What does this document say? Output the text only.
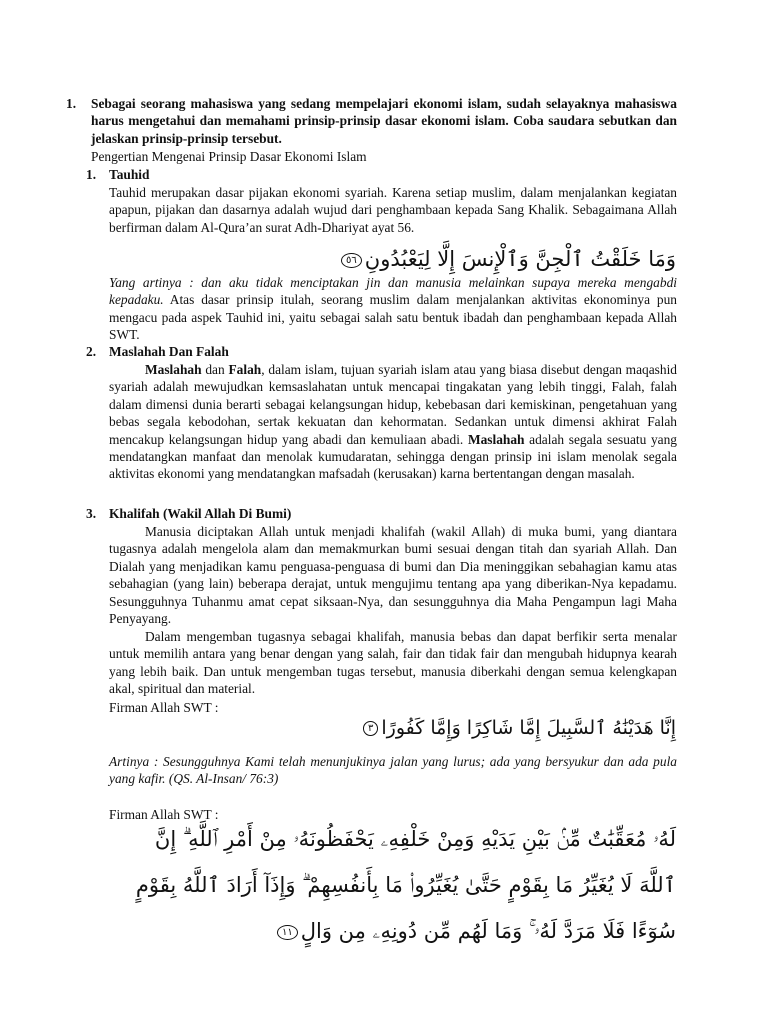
1. Sebagai seorang mahasiswa yang sedang mempelajari ekonomi islam, sudah selayaknya mahasiswa harus mengetahui dan memahami prinsip-prinsip dasar ekonomi islam. Coba saudara sebutkan dan jelaskan prinsip-prinsip tersebut.

Pengertian Mengenai Prinsip Dasar Ekonomi Islam

1. Tauhid

Tauhid merupakan dasar pijakan ekonomi syariah. Karena setiap muslim, dalam menjalankan kegiatan apapun, pijakan dan dasarnya adalah wujud dari penghambaan kepada Sang Khalik. Sebagaimana Allah berfirman dalam Al-Qura’an surat Adh-Dhariyat ayat 56.

وَمَا خَلَقْتُ ٱلْجِنَّ وَٱلْإِنسَ إِلَّا لِيَعْبُدُونِ٥٦

Yang artinya : dan aku tidak menciptakan jin dan manusia melainkan supaya mereka mengabdi kepadaku. Atas dasar prinsip itulah, seorang muslim dalam menjalankan aktivitas ekonominya pun mengacu pada aspek Tauhid ini, yaitu sebagai salah satu bentuk ibadah dan penghambaan kepada Allah SWT.

2. Maslahah Dan Falah

Maslahah dan Falah, dalam islam, tujuan syariah islam atau yang biasa disebut dengan maqashid syariah adalah mewujudkan kemsaslahatan untuk mencapai tingakatan yang lebih tinggi, Falah, falah dalam dimensi dunia berarti sebagai kelangsungan hidup, kebebasan dari kemiskinan, pengetahuan yang bebas segala kebodohan, sertak kekuatan dan kehormatan. Sedankan untuk dimensi akhirat Falah mencakup kelangsungan hidup yang abadi dan kemuliaan abadi. Maslahah adalah segala sesuatu yang mendatangkan manfaat dan menolak kumudaratan, sehingga dengan prinsip ini islam menolak segala aktivitas ekonomi yang mendatangkan mafsadah (kerusakan) karna bertentangan dengan masalah.

3. Khalifah (Wakil Allah Di Bumi)

Manusia diciptakan Allah untuk menjadi khalifah (wakil Allah) di muka bumi, yang diantara tugasnya adalah mengelola alam dan memakmurkan bumi sesuai dengan titah dan syariah Allah. Dan Dialah yang menjadikan kamu penguasa-penguasa di bumi dan Dia meninggikan sebahagian kamu atas sebahagian (yang lain) beberapa derajat, untuk mengujimu tentang apa yang diberikan-Nya kepadamu. Sesungguhnya Tuhanmu amat cepat siksaan-Nya, dan sesungguhnya dia Maha Pengampun lagi Maha Penyayang.

Dalam mengemban tugasnya sebagai khalifah, manusia bebas dan dapat berfikir serta menalar untuk memilih antara yang benar dengan yang salah, fair dan tidak fair dan mengubah hidupnya kearah yang lebih baik. Dan untuk mengemban tugas tersebut, manusia diberkahi dengan semua kelengkapan akal, spiritual dan material.

Firman Allah SWT :

إِنَّا هَدَيْنَٰهُ ٱلسَّبِيلَ إِمَّا شَاكِرًا وَإِمَّا كَفُورًا٣

Artinya : Sesungguhnya Kami telah menunjukinya jalan yang lurus; ada yang bersyukur dan ada pula yang kafir. (QS. Al-Insan/ 76:3)

Firman Allah SWT :

لَهُۥ مُعَقِّبَٰتٌ مِّنۢ بَيْنِ يَدَيْهِ وَمِنْ خَلْفِهِۦ يَحْفَظُونَهُۥ مِنْ أَمْرِ ٱللَّهِ ۗ إِنَّ
ٱللَّهَ لَا يُغَيِّرُ مَا بِقَوْمٍ حَتَّىٰ يُغَيِّرُوا۟ مَا بِأَنفُسِهِمْ ۗ وَإِذَآ أَرَادَ ٱللَّهُ بِقَوْمٍ
سُوٓءًا فَلَا مَرَدَّ لَهُۥ ۚ وَمَا لَهُم مِّن دُونِهِۦ مِن وَالٍ١١
